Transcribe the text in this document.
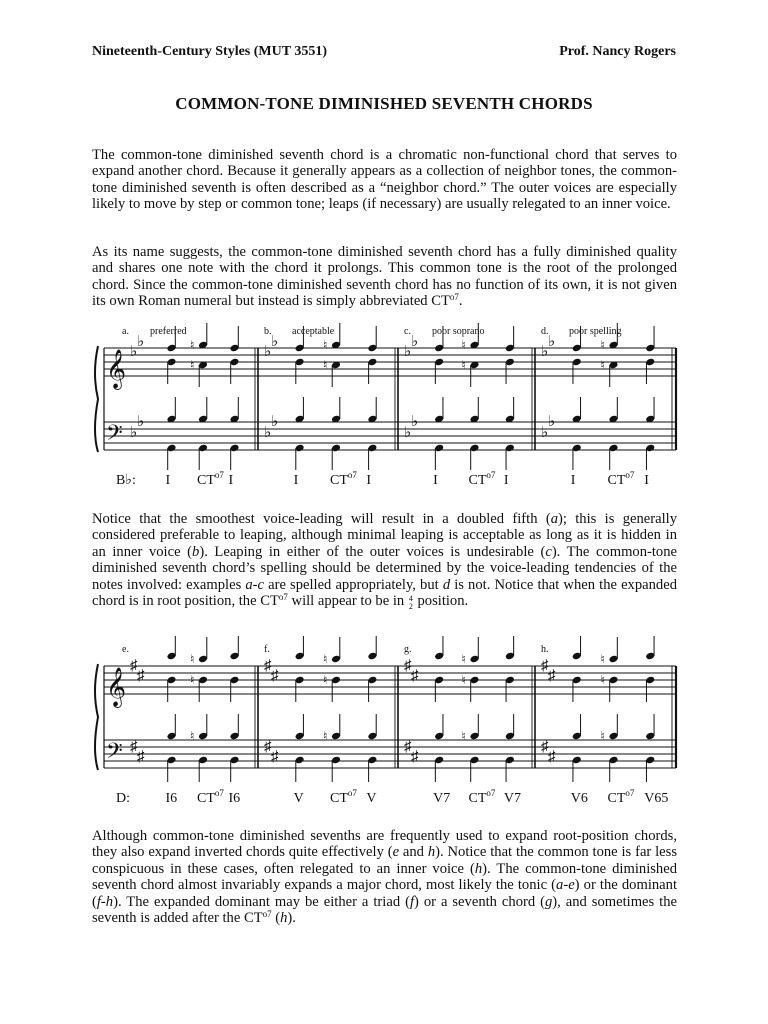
Nineteenth-Century Styles (MUT 3551)	Prof. Nancy Rogers
COMMON-TONE DIMINISHED SEVENTH CHORDS

The common-tone diminished seventh chord is a chromatic non-functional chord that serves to expand another chord. Because it generally appears as a collection of neighbor tones, the common-tone diminished seventh is often described as a “neighbor chord.” The outer voices are especially likely to move by step or common tone; leaps (if necessary) are usually relegated to an inner voice.

As its name suggests, the common-tone diminished seventh chord has a fully diminished quality and shares one note with the chord it prolongs. This common tone is the root of the prolonged chord. Since the common-tone diminished seventh chord has no function of its own, it is not given its own Roman numeral but instead is simply abbreviated $CT^{o7}$.

𝄞
𝄢
♭
♭
♭
♭
a. preferred
♮
♮
B♭: I $CT^{o7}$ I
♭
♭
♭
♭
b. acceptable
♮
♮
I $CT^{o7}$ I
♭
♭
♭
♭
c. poor soprano
♮
♮
I $CT^{o7}$ I
♭
♭
♭
♭
d. poor spelling
♮
♮
I $CT^{o7}$ I

Notice that the smoothest voice-leading will result in a doubled fifth (a); this is generally considered preferable to leaping, although minimal leaping is acceptable as long as it is hidden in an inner voice (b). Leaping in either of the outer voices is undesirable (c). The common-tone diminished seventh chord’s spelling should be determined by the voice-leading tendencies of the notes involved: examples a-c are spelled appropriately, but d is not. Notice that when the expanded chord is in root position, the $CT^{o7}$ will appear to be in 4
2 position.

𝄞
𝄢
♯
♯
♯
♯
e.
♮
♮
♮
D:	I6 $CT^{o7}$ I6
♯
♯
♯
♯
f.
♮
♮
♮
V $CT^{o7}$ V
♯
♯
♯
♯
g.
♮
♮
♮
V7 $CT^{o7}$ V7
♯
♯
♯
♯
h.
♮
♮
♮
V6 $CT^{o7}$ V65

Although common-tone diminished sevenths are frequently used to expand root-position chords, they also expand inverted chords quite effectively (e and h). Notice that the common tone is far less conspicuous in these cases, often relegated to an inner voice (h). The common-tone diminished seventh chord almost invariably expands a major chord, most likely the tonic (a-e) or the dominant (f-h). The expanded dominant may be either a triad (f) or a seventh chord (g), and sometimes the seventh is added after the $CT^{o7}$ (h).
